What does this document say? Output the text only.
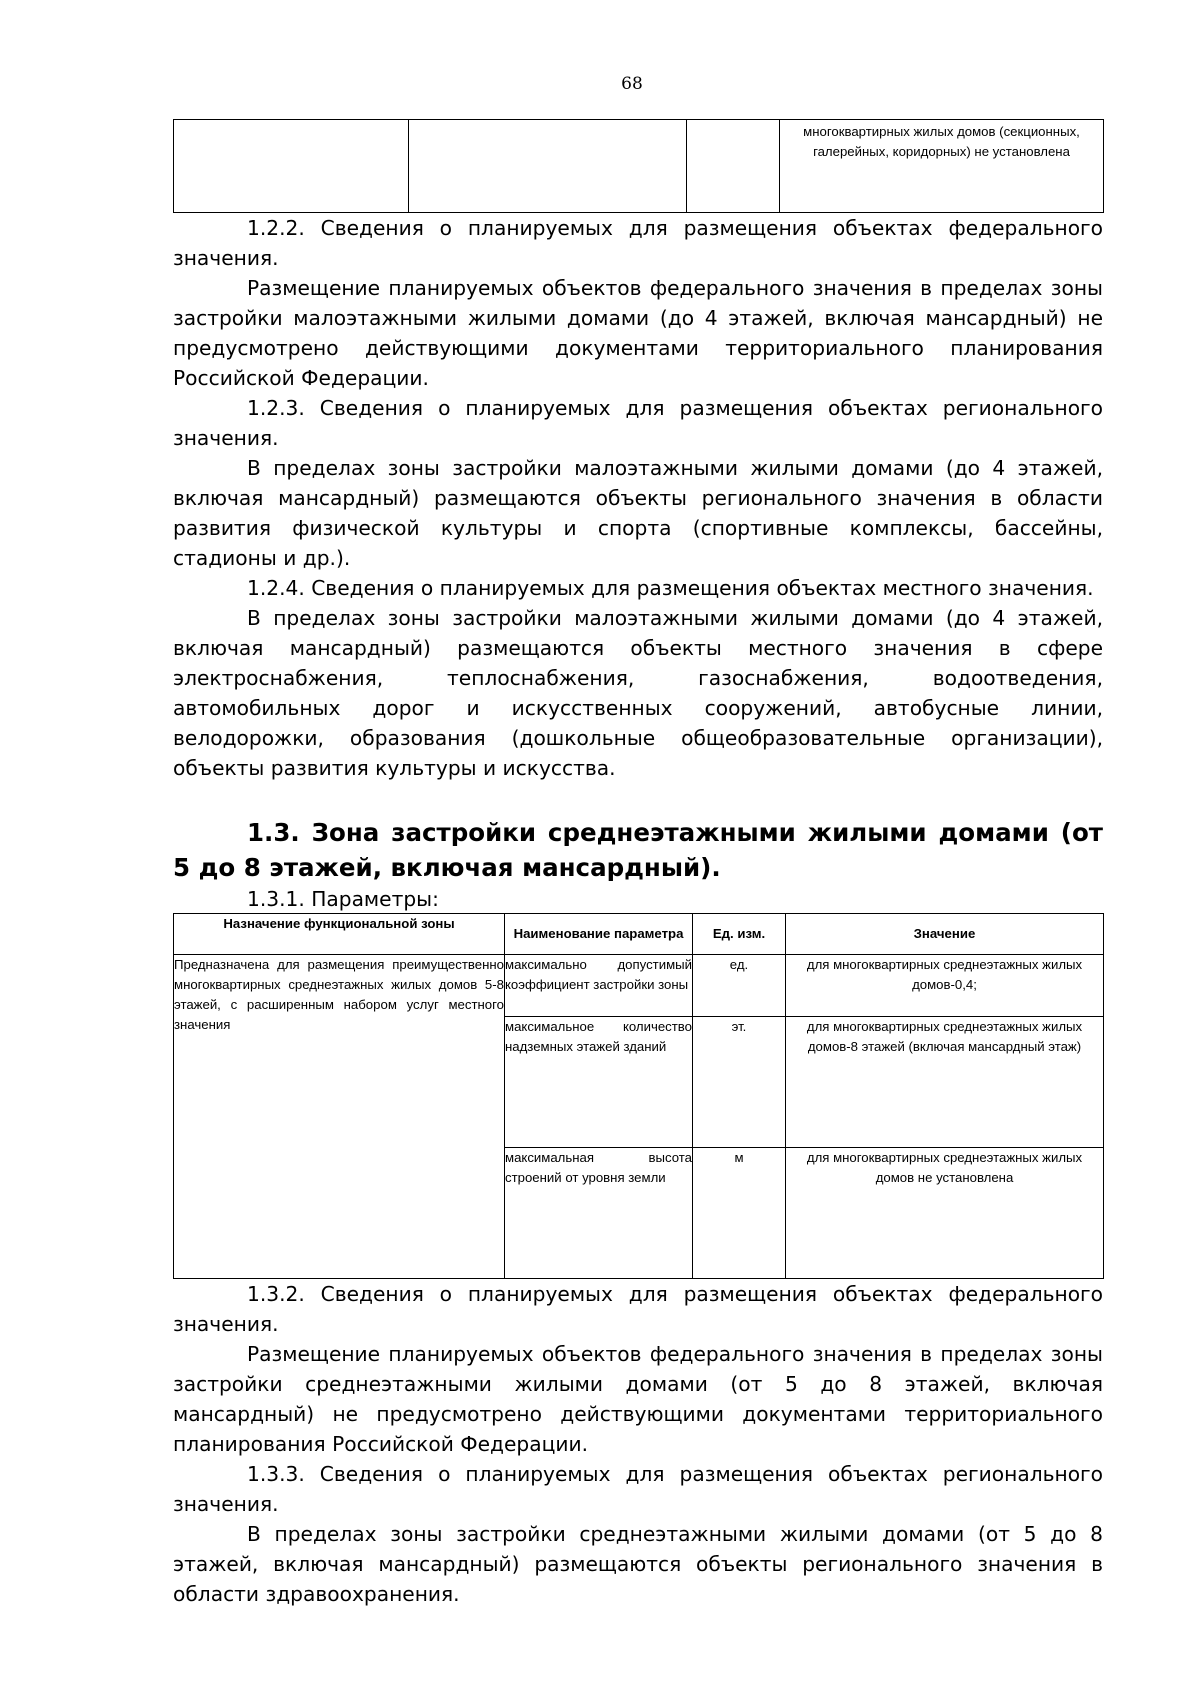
68
			многоквартирных жилых домов (секционных, галерейных, коридорных) не установлена

1.2.2. Сведения о планируемых для размещения объектах федерального значения.

Размещение планируемых объектов федерального значения в пределах зоны застройки малоэтажными жилыми домами (до 4 этажей, включая мансардный) не предусмотрено действующими документами территориального планирования Российской Федерации.

1.2.3. Сведения о планируемых для размещения объектах регионального значения.

В пределах зоны застройки малоэтажными жилыми домами (до 4 этажей, включая мансардный) размещаются объекты регионального значения в области развития физической культуры и спорта (спортивные комплексы, бассейны, стадионы и др.).

1.2.4. Сведения о планируемых для размещения объектах местного значения.

В пределах зоны застройки малоэтажными жилыми домами (до 4 этажей, включая мансардный) размещаются объекты местного значения в сфере электроснабжения, теплоснабжения, газоснабжения, водоотведения, автомобильных дорог и искусственных сооружений, автобусные линии, велодорожки, образования (дошкольные общеобразовательные организации), объекты развития культуры и искусства.

1.3. Зона застройки среднеэтажными жилыми домами (от 5 до 8 этажей, включая мансардный).
1.3.1. Параметры:
Назначение функциональной зоны	Наименование параметра	Ед. изм.	Значение
Предназначена для размещения преимущественно многоквартирных среднеэтажных жилых домов 5-8 этажей, с расширенным набором услуг местного значения	максимально допустимый коэффициент застройки зоны	ед.	для многоквартирных среднеэтажных жилых домов-0,4;
	максимальное количество надземных этажей зданий	эт.	для многоквартирных среднеэтажных жилых домов-8 этажей (включая мансардный этаж)
	максимальная высота строений от уровня земли	м	для многоквартирных среднеэтажных жилых домов не установлена

1.3.2. Сведения о планируемых для размещения объектах федерального значения.

Размещение планируемых объектов федерального значения в пределах зоны застройки среднеэтажными жилыми домами (от 5 до 8 этажей, включая мансардный) не предусмотрено действующими документами территориального планирования Российской Федерации.

1.3.3. Сведения о планируемых для размещения объектах регионального значения.

В пределах зоны застройки среднеэтажными жилыми домами (от 5 до 8 этажей, включая мансардный) размещаются объекты регионального значения в области здравоохранения.
